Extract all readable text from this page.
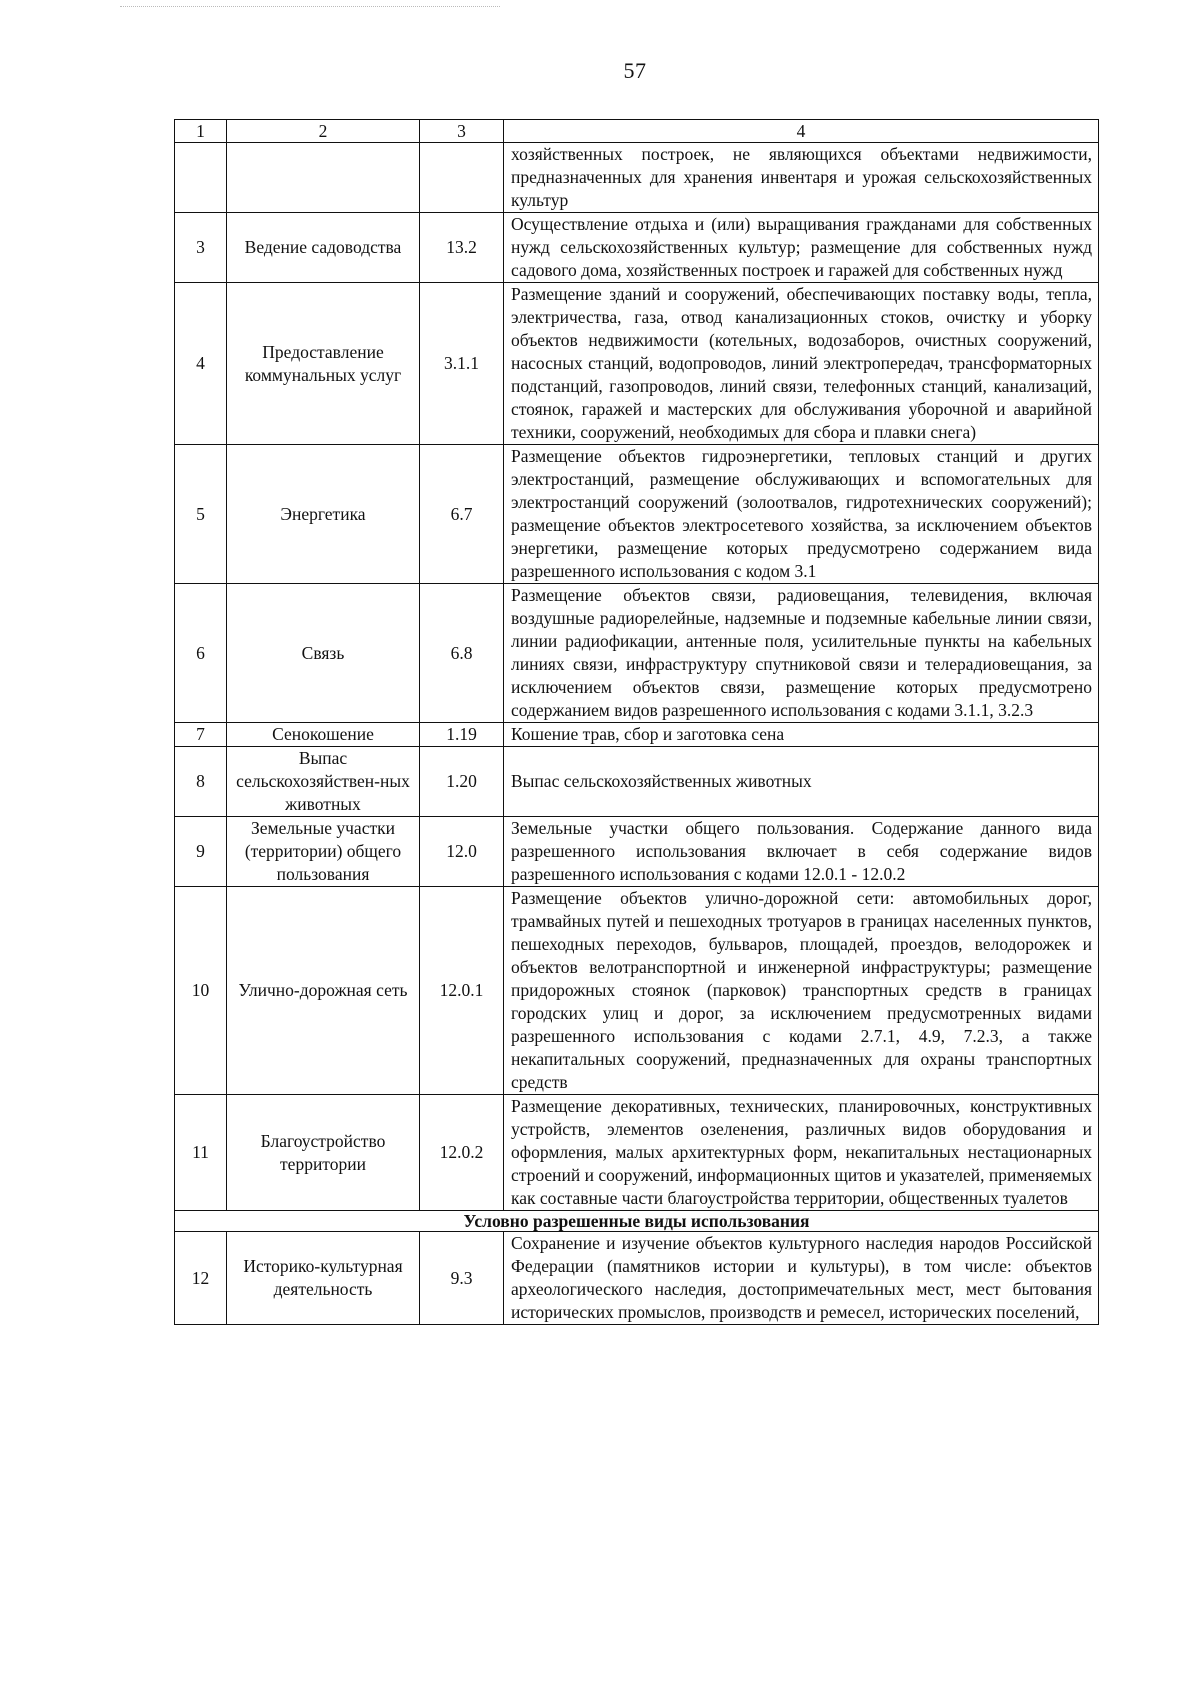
57
1	2	3	4
			хозяйственных построек, не являющихся объектами недвижимости, предназначенных для хранения инвентаря и урожая сельскохозяйственных культур
3	Ведение садоводства	13.2	Осуществление отдыха и (или) выращивания гражданами для собственных нужд сельскохозяйственных культур; размещение для собственных нужд садового дома, хозяйственных построек и гаражей для собственных нужд
4	Предоставление коммунальных услуг	3.1.1	Размещение зданий и сооружений, обеспечивающих поставку воды, тепла, электричества, газа, отвод канализационных стоков, очистку и уборку объектов недвижимости (котельных, водозаборов, очистных сооружений, насосных станций, водопроводов, линий электропередач, трансформаторных подстанций, газопроводов, линий связи, телефонных станций, канализаций, стоянок, гаражей и мастерских для обслуживания уборочной и аварийной техники, сооружений, необходимых для сбора и плавки снега)
5	Энергетика	6.7	Размещение объектов гидроэнергетики, тепловых станций и других электростанций, размещение обслуживающих и вспомогательных для электростанций сооружений (золоотвалов, гидротехнических сооружений); размещение объектов электросетевого хозяйства, за исключением объектов энергетики, размещение которых предусмотрено содержанием вида разрешенного использования с кодом 3.1
6	Связь	6.8	Размещение объектов связи, радиовещания, телевидения, включая воздушные радиорелейные, надземные и подземные кабельные линии связи, линии радиофикации, антенные поля, усилительные пункты на кабельных линиях связи, инфраструктуру спутниковой связи и телерадиовещания, за исключением объектов связи, размещение которых предусмотрено содержанием видов разрешенного использования с кодами 3.1.1, 3.2.3
7	Сенокошение	1.19	Кошение трав, сбор и заготовка сена
8	Выпас сельскохозяйствен-ных животных	1.20	Выпас сельскохозяйственных животных
9	Земельные участки (территории) общего пользования	12.0	Земельные участки общего пользования. Содержание данного вида разрешенного использования включает в себя содержание видов разрешенного использования с кодами 12.0.1 - 12.0.2
10	Улично-дорожная сеть	12.0.1	Размещение объектов улично-дорожной сети: автомобильных дорог, трамвайных путей и пешеходных тротуаров в границах населенных пунктов, пешеходных переходов, бульваров, площадей, проездов, велодорожек и объектов велотранспортной и инженерной инфраструктуры; размещение придорожных стоянок (парковок) транспортных средств в границах городских улиц и дорог, за исключением предусмотренных видами разрешенного использования с кодами 2.7.1, 4.9, 7.2.3, а также некапитальных сооружений, предназначенных для охраны транспортных средств
11	Благоустройство территории	12.0.2	Размещение декоративных, технических, планировочных, конструктивных устройств, элементов озеленения, различных видов оборудования и оформления, малых архитектурных форм, некапитальных нестационарных строений и сооружений, информационных щитов и указателей, применяемых как составные части благоустройства территории, общественных туалетов
Условно разрешенные виды использования			
12	Историко-культурная деятельность	9.3	Сохранение и изучение объектов культурного наследия народов Российской Федерации (памятников истории и культуры), в том числе: объектов археологического наследия, достопримечательных мест, мест бытования исторических промыслов, производств и ремесел, исторических поселений,
